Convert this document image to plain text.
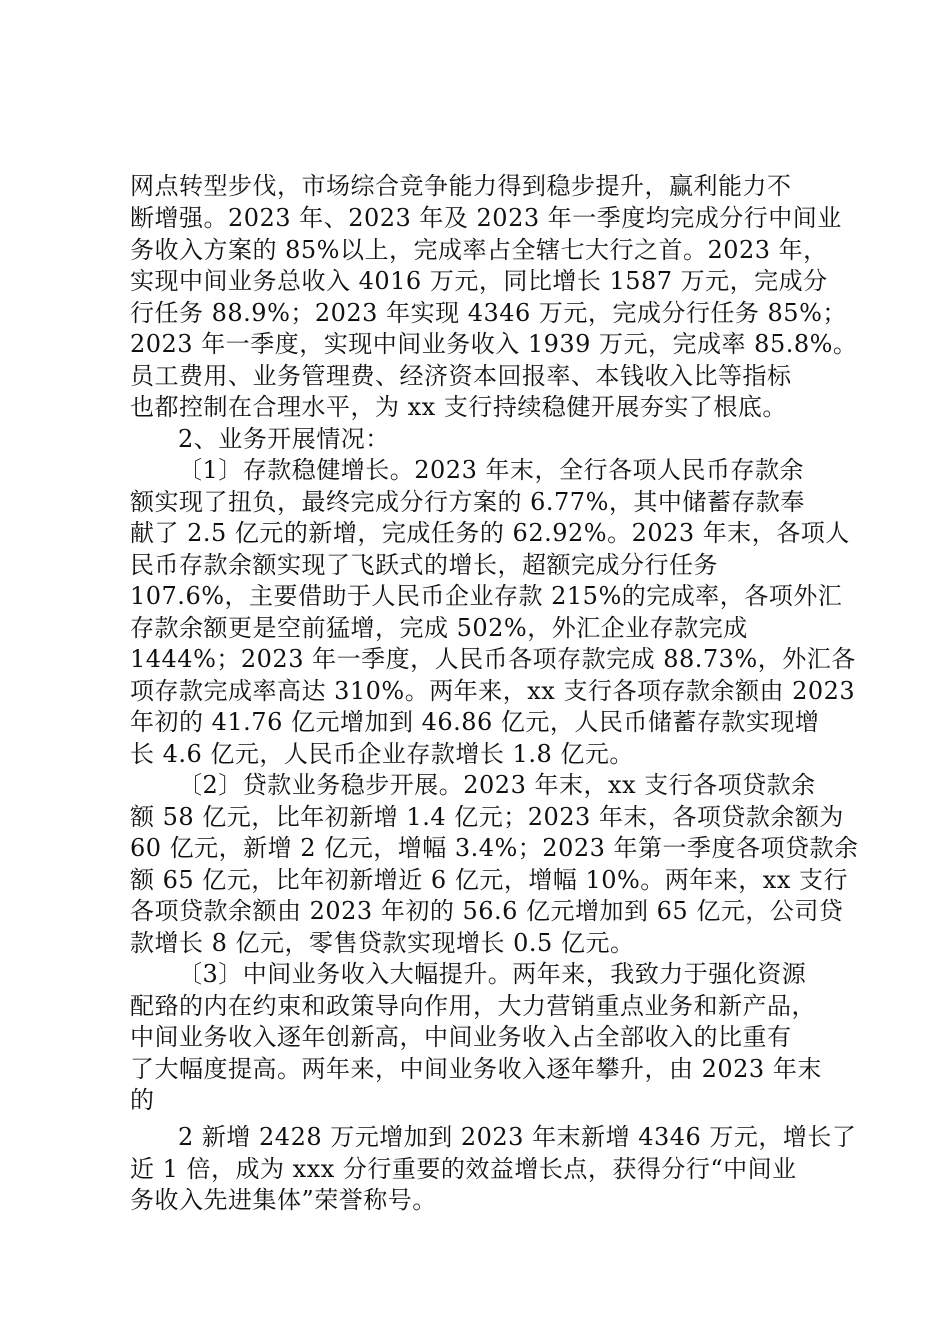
网点转型步伐，市场综合竞争能力得到稳步提升，赢利能力不
断增强。2023 年、2023 年及 2023 年一季度均完成分行中间业
务收入方案的 85%以上，完成率占全辖七大行之首。2023 年，
实现中间业务总收入 4016 万元，同比增长 1587 万元，完成分
行任务 88.9%；2023 年实现 4346 万元，完成分行任务 85%；
2023 年一季度，实现中间业务收入 1939 万元，完成率 85.8%。
员工费用、业务管理费、经济资本回报率、本钱收入比等指标
也都控制在合理水平，为 xx 支行持续稳健开展夯实了根底。
2、业务开展情况：
〔1〕存款稳健增长。2023 年末，全行各项人民币存款余
额实现了扭负，最终完成分行方案的 6.77%，其中储蓄存款奉
献了 2.5 亿元的新增，完成任务的 62.92%。2023 年末，各项人
民币存款余额实现了飞跃式的增长，超额完成分行任务
107.6%，主要借助于人民币企业存款 215%的完成率，各项外汇
存款余额更是空前猛增，完成 502%，外汇企业存款完成
1444%；2023 年一季度，人民币各项存款完成 88.73%，外汇各
项存款完成率高达 310%。两年来，xx 支行各项存款余额由 2023
年初的 41.76 亿元增加到 46.86 亿元，人民币储蓄存款实现增
长 4.6 亿元，人民币企业存款增长 1.8 亿元。
〔2〕贷款业务稳步开展。2023 年末，xx 支行各项贷款余
额 58 亿元，比年初新增 1.4 亿元；2023 年末，各项贷款余额为
60 亿元，新增 2 亿元，增幅 3.4%；2023 年第一季度各项贷款余
额 65 亿元，比年初新增近 6 亿元，增幅 10%。两年来，xx 支行
各项贷款余额由 2023 年初的 56.6 亿元增加到 65 亿元，公司贷
款增长 8 亿元，零售贷款实现增长 0.5 亿元。
〔3〕中间业务收入大幅提升。两年来，我致力于强化资源
配臵的内在约束和政策导向作用，大力营销重点业务和新产品，
中间业务收入逐年创新高，中间业务收入占全部收入的比重有
了大幅度提高。两年来，中间业务收入逐年攀升，由 2023 年末
的
2 新增 2428 万元增加到 2023 年末新增 4346 万元，增长了
近 1 倍，成为 xxx 分行重要的效益增长点，获得分行“中间业
务收入先进集体”荣誉称号。
